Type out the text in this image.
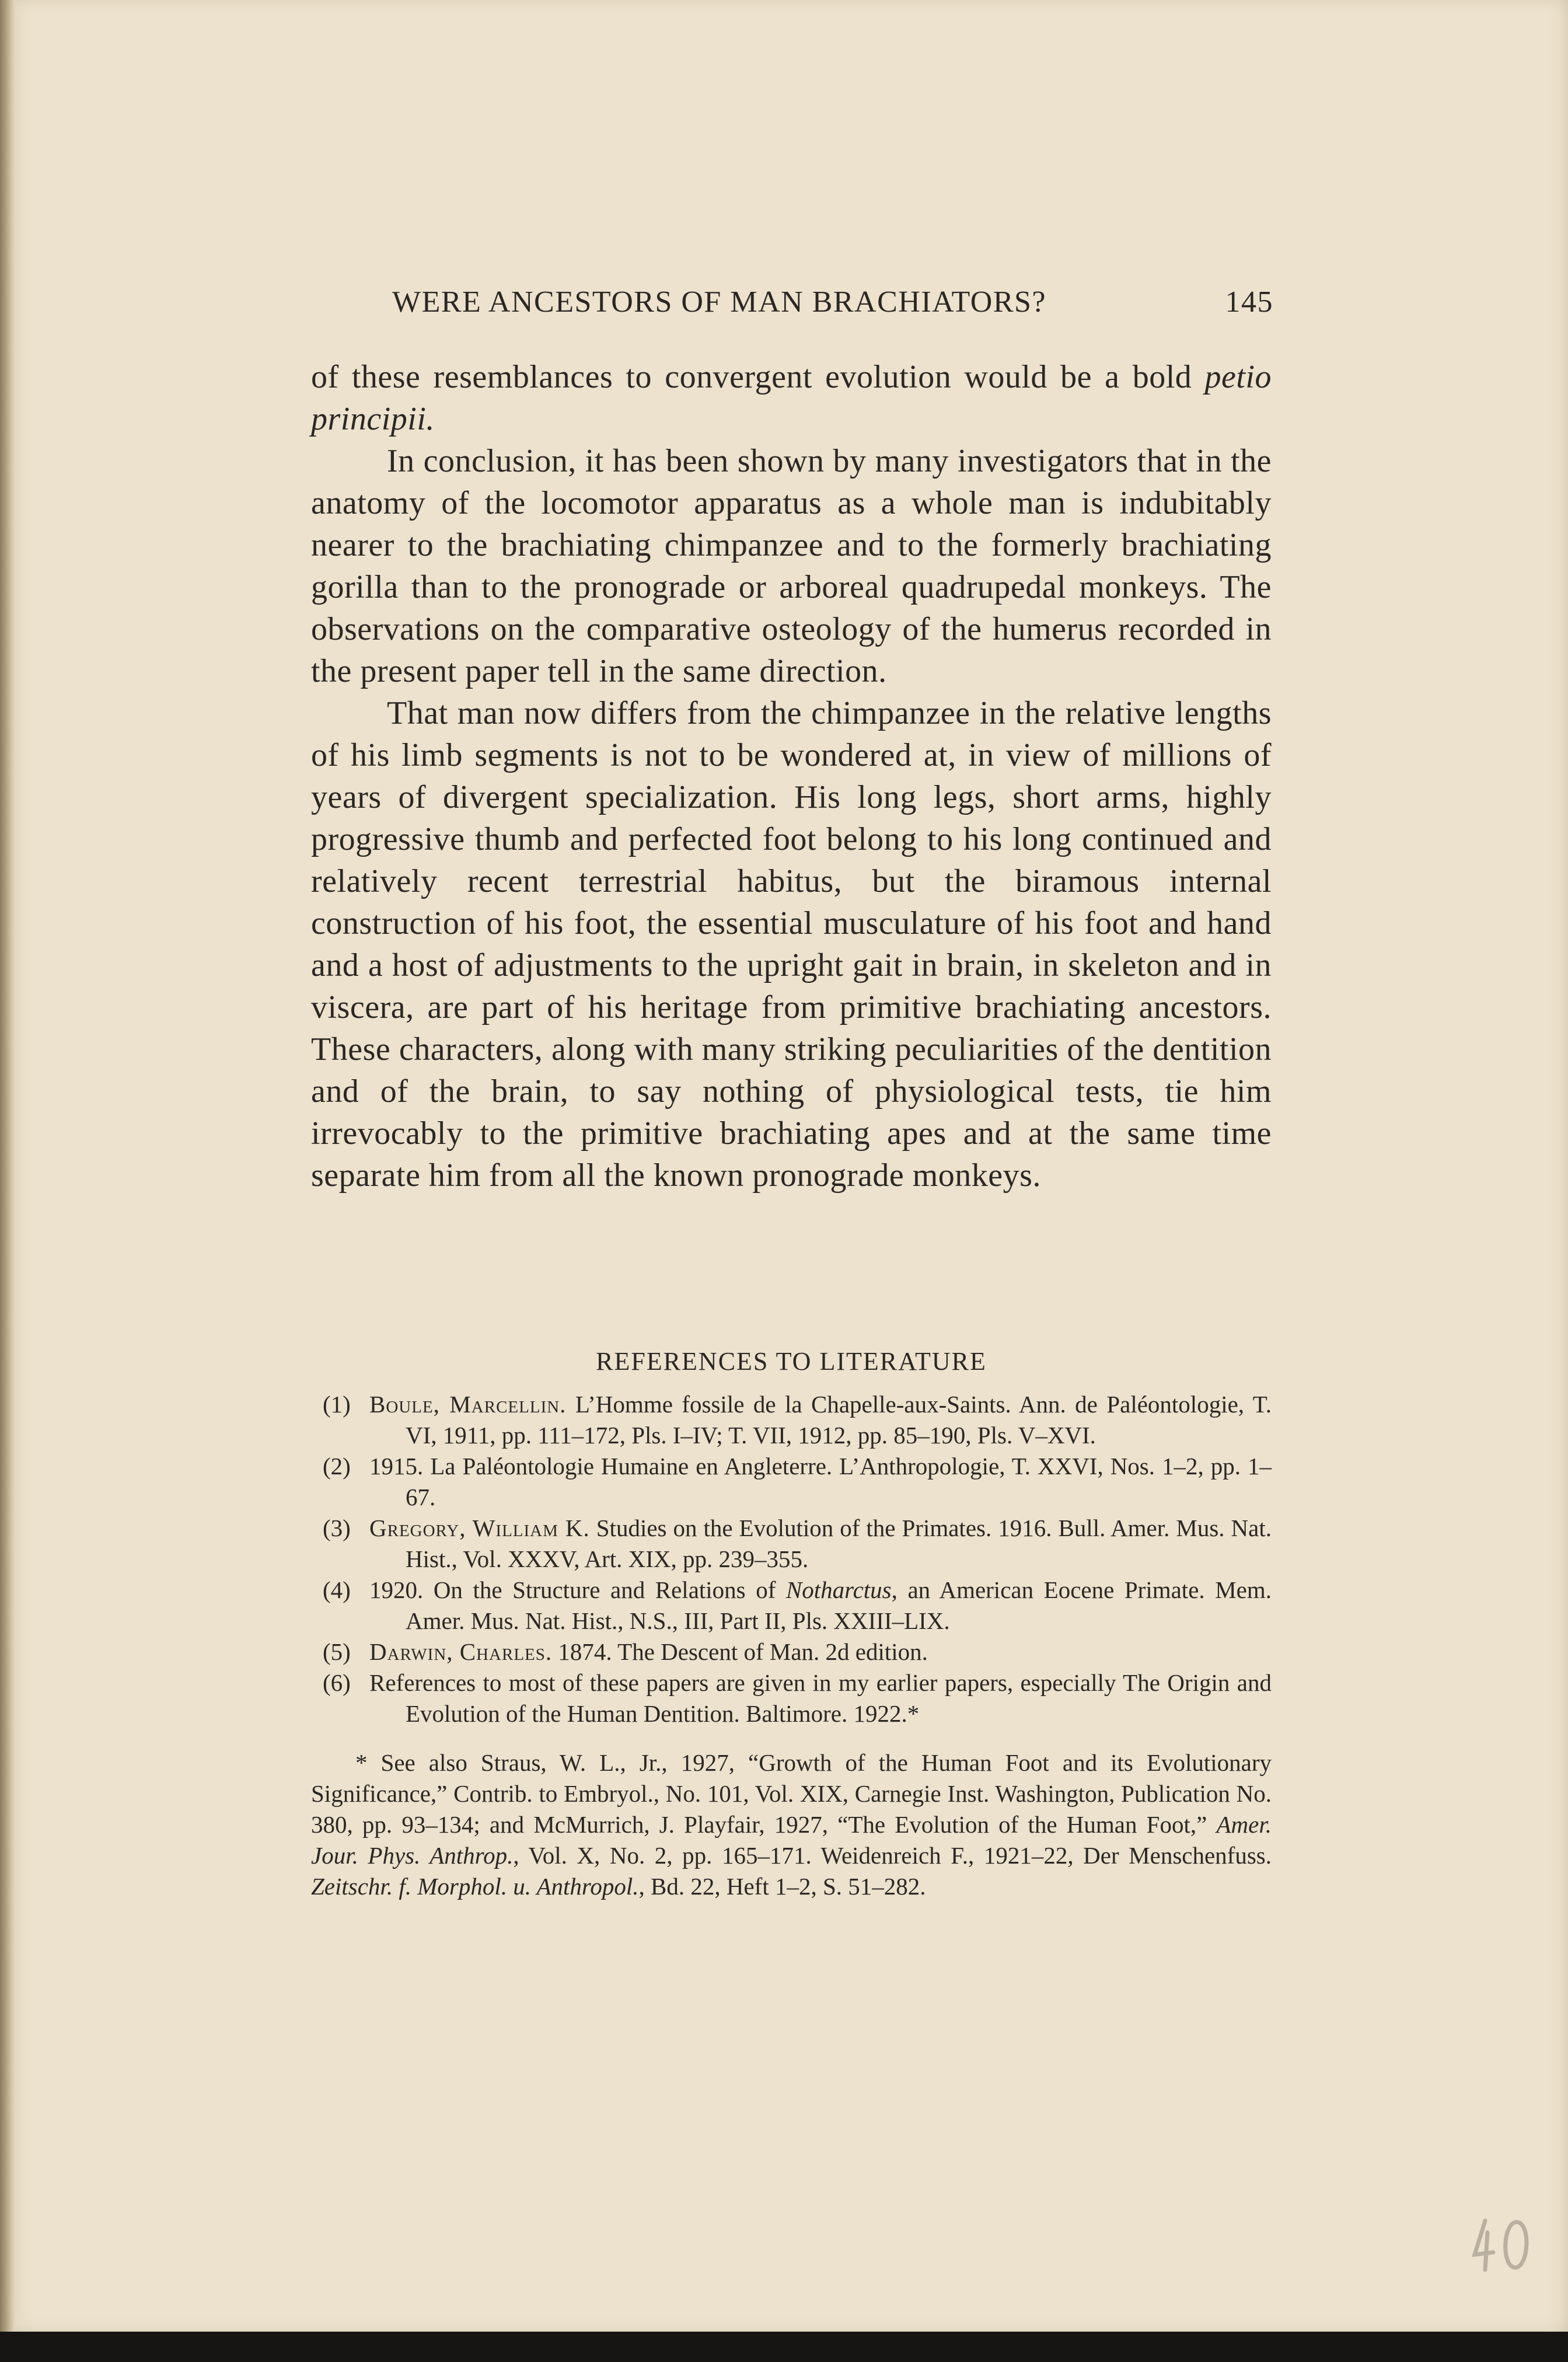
WERE ANCESTORS OF MAN BRACHIATORS?	145

of these resemblances to convergent evolution would be a bold petio principii.

In conclusion, it has been shown by many investigators that in the anatomy of the locomotor apparatus as a whole man is indubitably nearer to the brachiating chimpanzee and to the formerly brachiating gorilla than to the pronograde or arboreal quadrupedal monkeys. The observations on the comparative osteology of the humerus recorded in the present paper tell in the same direction.

That man now differs from the chimpanzee in the relative lengths of his limb segments is not to be wondered at, in view of millions of years of divergent specialization. His long legs, short arms, highly progressive thumb and perfected foot belong to his long continued and relatively recent terrestrial habitus, but the biramous internal construction of his foot, the essential musculature of his foot and hand and a host of adjustments to the upright gait in brain, in skeleton and in viscera, are part of his heritage from primitive brachiating ancestors. These characters, along with many striking peculiarities of the dentition and of the brain, to say nothing of physiological tests, tie him irrevocably to the primitive brachiating apes and at the same time separate him from all the known pronograde monkeys.

REFERENCES TO LITERATURE
(1) Boule, Marcellin. L’Homme fossile de la Chapelle-aux-Saints. Ann. de Paléontologie, T. VI, 1911, pp. 111–172, Pls. I–IV; T. VII, 1912, pp. 85–190, Pls. V–XVI.
(2) 1915. La Paléontologie Humaine en Angleterre. L’Anthropologie, T. XXVI, Nos. 1–2, pp. 1–67.
(3) Gregory, William K. Studies on the Evolution of the Primates. 1916. Bull. Amer. Mus. Nat. Hist., Vol. XXXV, Art. XIX, pp. 239–355.
(4) 1920. On the Structure and Relations of Notharctus, an American Eocene Primate. Mem. Amer. Mus. Nat. Hist., N.S., III, Part II, Pls. XXIII–LIX.
(5) Darwin, Charles. 1874. The Descent of Man. 2d edition.
(6) References to most of these papers are given in my earlier papers, especially The Origin and Evolution of the Human Dentition. Baltimore. 1922.*

* See also Straus, W. L., Jr., 1927, “Growth of the Human Foot and its Evolutionary Significance,” Contrib. to Embryol., No. 101, Vol. XIX, Carnegie Inst. Washington, Publication No. 380, pp. 93–134; and McMurrich, J. Playfair, 1927, “The Evolution of the Human Foot,” Amer. Jour. Phys. Anthrop., Vol. X, No. 2, pp. 165–171. Weidenreich F., 1921–22, Der Menschenfuss. Zeitschr. f. Morphol. u. Anthropol., Bd. 22, Heft 1–2, S. 51–282.
